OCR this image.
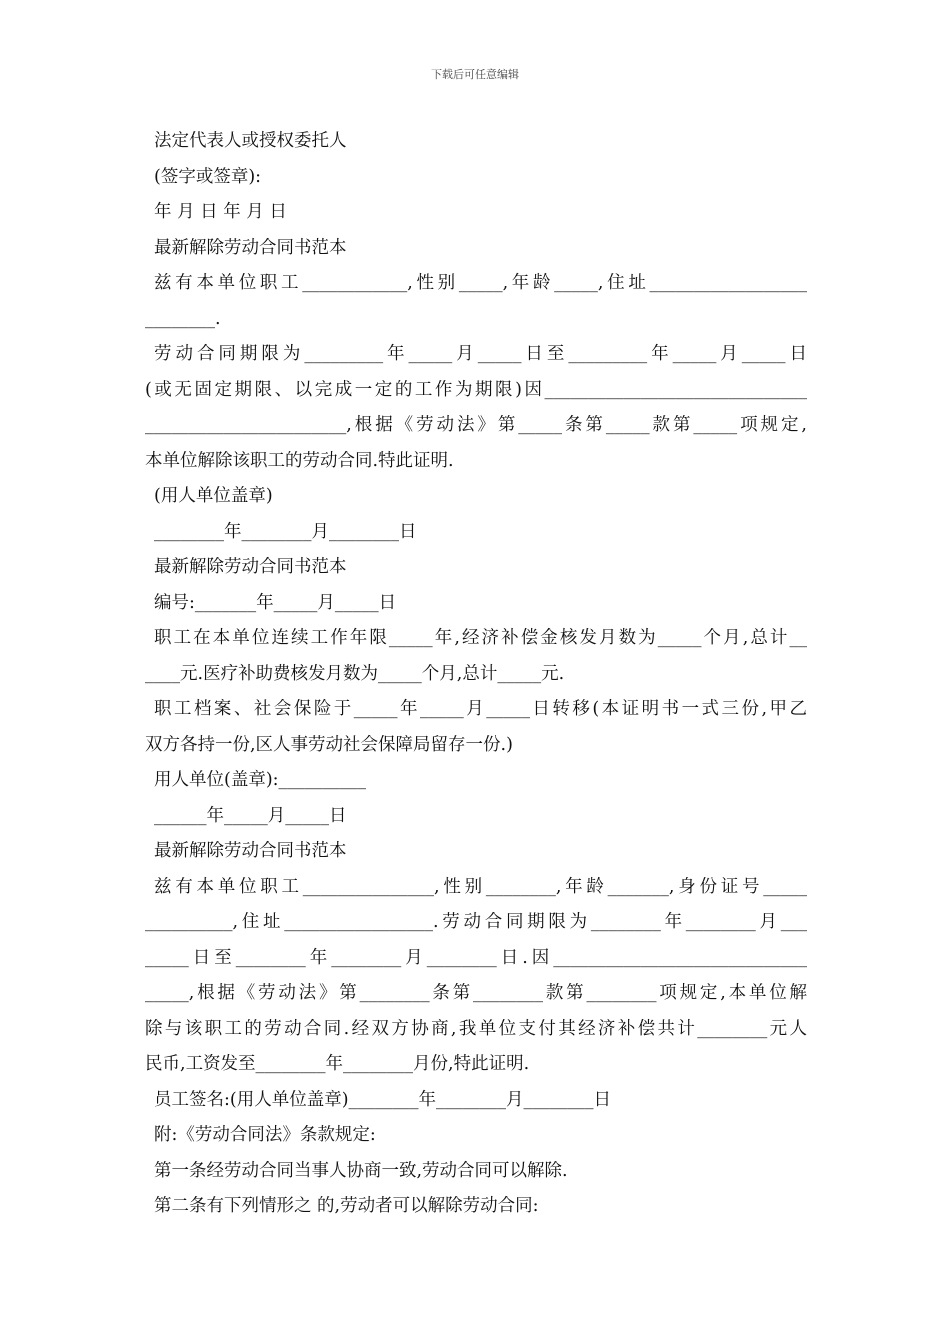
下载后可任意编辑
法定代表人或授权委托人
(签字或签章):
年 月 日 年 月 日
最新解除劳动合同书范本
兹有本单位职工____________,性别_____,年龄_____,住址__________________
________.
劳动合同期限为_________年_____月_____日至_________年_____月_____日
(或无固定期限、以完成一定的工作为期限)因______________________________
_______________________,根据《劳动法》第_____条第_____款第_____项规定,
本单位解除该职工的劳动合同.特此证明.
(用人单位盖章)
________年________月________日
最新解除劳动合同书范本
编号:_______年_____月_____日
职工在本单位连续工作年限_____年,经济补偿金核发月数为_____个月,总计__
____元.医疗补助费核发月数为_____个月,总计_____元.
职工档案、社会保险于_____年_____月_____日转移(本证明书一式三份,甲乙
双方各持一份,区人事劳动社会保障局留存一份.)
用人单位(盖章):__________
______年_____月_____日
最新解除劳动合同书范本
兹有本单位职工_______________,性别________,年龄_______,身份证号_____
__________,住址_________________.劳动合同期限为________年________月___
_____日至________年________月________日.因_____________________________
_____,根据《劳动法》第________条第________款第________项规定,本单位解
除与该职工的劳动合同.经双方协商,我单位支付其经济补偿共计________元人
民币,工资发至________年________月份,特此证明.
员工签名:(用人单位盖章)________年________月________日
附:《劳动合同法》条款规定:
第一条经劳动合同当事人协商一致,劳动合同可以解除.
第二条有下列情形之 的,劳动者可以解除劳动合同:
